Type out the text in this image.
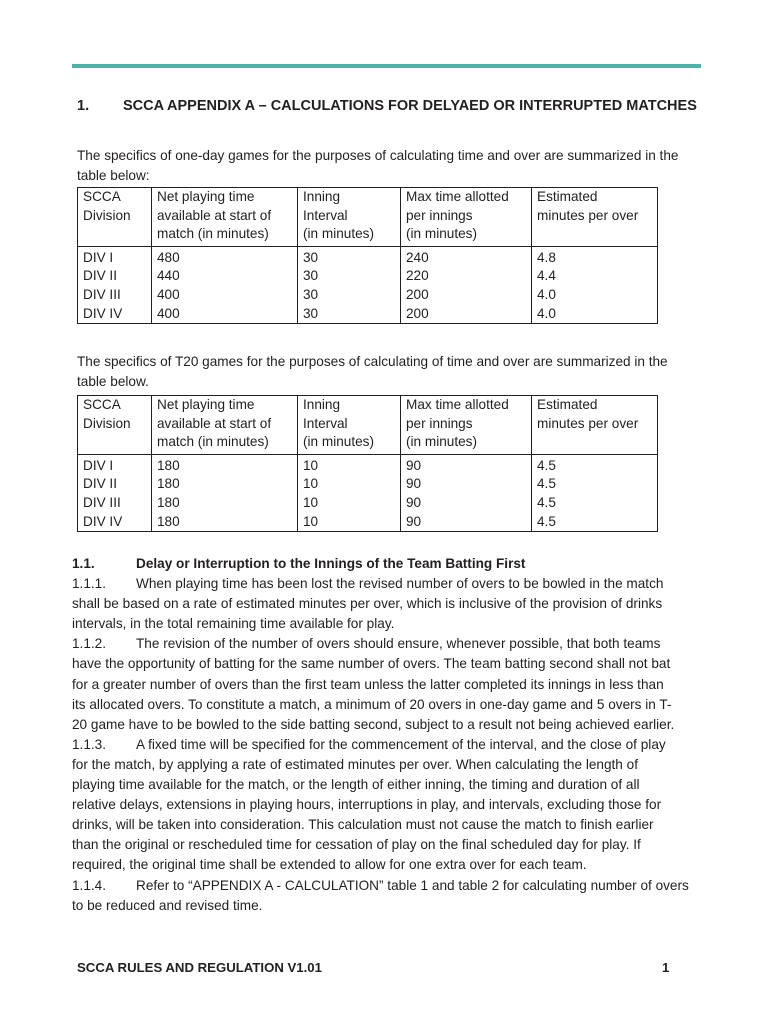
1. SCCA APPENDIX A – CALCULATIONS FOR DELYAED OR INTERRUPTED MATCHES
The specifics of one-day games for the purposes of calculating time and over are summarized in the
table below:
SCCA
Division	Net playing time
available at start of
match (in minutes)	Inning
Interval
(in minutes)	Max time allotted
per innings
(in minutes)	Estimated
minutes per over
DIV I	480	30	240	4.8
DIV II	440	30	220	4.4
DIV III	400	30	200	4.0
DIV IV	400	30	200	4.0
The specifics of T20 games for the purposes of calculating of time and over are summarized in the
table below.
SCCA
Division	Net playing time
available at start of
match (in minutes)	Inning
Interval
(in minutes)	Max time allotted
per innings
(in minutes)	Estimated
minutes per over
DIV I	180	10	90	4.5
DIV II	180	10	90	4.5
DIV III	180	10	90	4.5
DIV IV	180	10	90	4.5
1.1.	Delay or Interruption to the Innings of the Team Batting First
1.1.1. When playing time has been lost the revised number of overs to be bowled in the match
shall be based on a rate of estimated minutes per over, which is inclusive of the provision of drinks
intervals, in the total remaining time available for play.
1.1.2. The revision of the number of overs should ensure, whenever possible, that both teams
have the opportunity of batting for the same number of overs. The team batting second shall not bat
for a greater number of overs than the first team unless the latter completed its innings in less than
its allocated overs. To constitute a match, a minimum of 20 overs in one-day game and 5 overs in T-
20 game have to be bowled to the side batting second, subject to a result not being achieved earlier.
1.1.3. A fixed time will be specified for the commencement of the interval, and the close of play
for the match, by applying a rate of estimated minutes per over. When calculating the length of
playing time available for the match, or the length of either inning, the timing and duration of all
relative delays, extensions in playing hours, interruptions in play, and intervals, excluding those for
drinks, will be taken into consideration. This calculation must not cause the match to finish earlier
than the original or rescheduled time for cessation of play on the final scheduled day for play. If
required, the original time shall be extended to allow for one extra over for each team.
1.1.4. Refer to “APPENDIX A - CALCULATION” table 1 and table 2 for calculating number of overs
to be reduced and revised time.
SCCA RULES AND REGULATION V1.01	1
